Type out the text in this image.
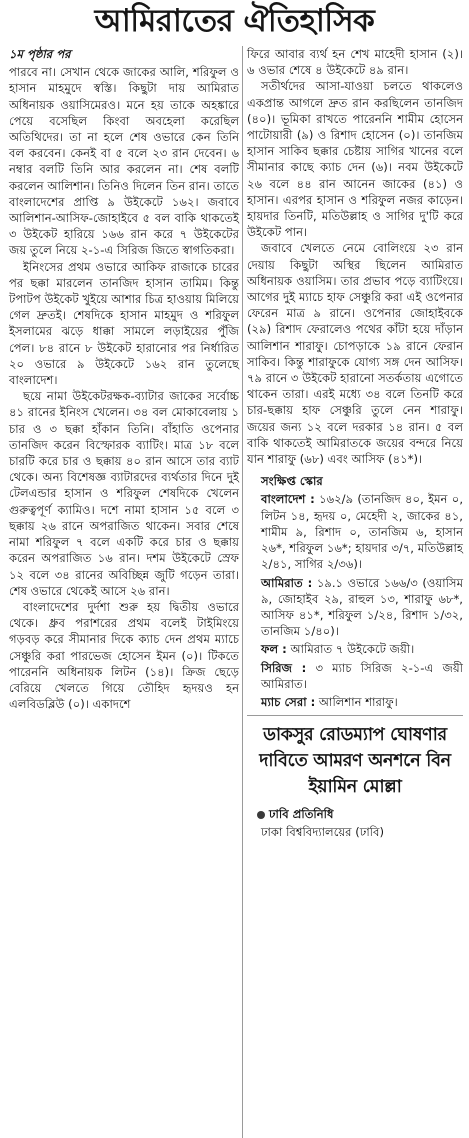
আমিরাতের ঐতিহাসিক
১ম পৃষ্ঠার পর

পারবে না। সেখান থেকে জাকের আলি, শরিফুল ও হাসান মাহমুদে স্বস্তি। কিছুটা দায় আমিরাত অধিনায়ক ওয়াসিমেরও। মনে হয় তাকে অহঙ্কারে পেয়ে বসেছিল কিংবা অবহেলা করেছিল অতিথিদের। তা না হলে শেষ ওভারে কেন তিনি বল করবেন। কেনই বা ৫ বলে ২৩ রান দেবেন। ৬ নম্বার বলটি তিনি আর করলেন না। শেষ বলটি করলেন আলিশান। তিনিও দিলেন তিন রান। তাতে বাংলাদেশের প্রাপ্তি ৯ উইকেটে ১৬২। জবাবে আলিশান-আসিফ-জোহাইবে ৫ বল বাকি থাকতেই ৩ উইকেট হারিয়ে ১৬৬ রান করে ৭ উইকেটের জয় তুলে নিয়ে ২-১-এ সিরিজ জিতে স্বাগতিকরা।

ইনিংসের প্রথম ওভারে আকিফ রাজাকে চারের পর ছক্কা মারলেন তানজিদ হাসান তামিম। কিন্তু টপাটপ উইকেট খুইয়ে আশার চিত্র হাওয়ায় মিলিয়ে গেল দ্রুতই। শেষদিকে হাসান মাহমুদ ও শরিফুল ইসলামের ঝড়ে ধাক্কা সামলে লড়াইয়ের পুঁজি পেল। ৮৪ রানে ৮ উইকেট হারানোর পর নির্ধারিত ২০ ওভারে ৯ উইকেটে ১৬২ রান তুলেছে বাংলাদেশ।

ছয়ে নামা উইকেটরক্ষক-ব্যাটার জাকের সর্বোচ্চ ৪১ রানের ইনিংস খেলেন। ৩৪ বল মোকাবেলায় ১ চার ও ৩ ছক্কা হাঁকান তিনি। বাঁহাতি ওপেনার তানজিদ করেন বিস্ফোরক ব্যাটিং। মাত্র ১৮ বলে চারটি করে চার ও ছক্কায় ৪০ রান আসে তার ব্যাট থেকে। অন্য বিশেষজ্ঞ ব্যাটারদের ব্যর্থতার দিনে দুই টেলএন্ডার হাসান ও শরিফুল শেষদিকে খেলেন গুরুত্বপূর্ণ ক্যামিও। দশে নামা হাসান ১৫ বলে ৩ ছক্কায় ২৬ রানে অপরাজিত থাকেন। সবার শেষে নামা শরিফুল ৭ বলে একটি করে চার ও ছক্কায় করেন অপরাজিত ১৬ রান। দশম উইকেটে স্রেফ ১২ বলে ৩৪ রানের অবিচ্ছিন্ন জুটি গড়েন তারা। শেষ ওভারে থেকেই আসে ২৬ রান।

বাংলাদেশের দুর্দশা শুরু হয় দ্বিতীয় ওভারে থেকে। ধ্রুব পরাশরের প্রথম বলেই টাইমিংয়ে গড়বড় করে সীমানার দিকে ক্যাচ দেন প্রথম ম্যাচে সেঞ্চুরি করা পারভেজ হোসেন ইমন (০)। টিকতে পারেননি অধিনায়ক লিটন (১৪)। ক্রিজ ছেড়ে বেরিয়ে খেলতে গিয়ে তৌহিদ হৃদয়ও হন এলবিডব্লিউ (০)। একাদশে

ফিরে আবার ব্যর্থ হন শেখ মাহেদী হাসান (২)। ৬ ওভার শেষে ৪ উইকেটে ৪৯ রান।

সতীর্থদের আসা-যাওয়া চলতে থাকলেও একপ্রান্ত আগলে দ্রুত রান করছিলেন তানজিদ (৪০)। ভূমিকা রাখতে পারেননি শামীম হোসেন পাটোয়ারী (৯) ও রিশাদ হোসেন (০)। তানজিম হাসান সাকিব ছক্কার চেষ্টায় সাগির খানের বলে সীমানার কাছে ক্যাচ দেন (৬)। নবম উইকেটে ২৬ বলে ৪৪ রান আনেন জাকের (৪১) ও হাসান। এরপর হাসান ও শরিফুল নজর কাড়েন। হায়দার তিনটি, মতিউল্লাহ ও সাগির দু'টি করে উইকেট পান।

জবাবে খেলতে নেমে বোলিংয়ে ২৩ রান দেয়ায় কিছুটা অস্থির ছিলেন আমিরাত অধিনায়ক ওয়াসিম। তার প্রভাব পড়ে ব্যাটিংয়ে। আগের দুই ম্যাচে হাফ সেঞ্চুরি করা এই ওপেনার ফেরেন মাত্র ৯ রানে। ওপেনার জোহাইবকে (২৯) রিশাদ ফেরালেও পথের কাঁটা হয়ে দাঁড়ান আলিশান শারাফু। চোপড়াকে ১৯ রানে ফেরান সাকিব। কিন্তু শারাফুকে যোগ্য সঙ্গ দেন আসিফ। ৭৯ রানে ৩ উইকেট হারানো সতর্কতায় এগোতে থাকেন তারা। এরই মধ্যে ৩৪ বলে তিনটি করে চার-ছক্কায় হাফ সেঞ্চুরি তুলে নেন শারাফু। জয়ের জন্য ১২ বলে দরকার ১৪ রান। ৫ বল বাকি থাকতেই আমিরাতকে জয়ের বন্দরে নিয়ে যান শারাফু (৬৮) এবং আসিফ (৪১*)।

সংক্ষিপ্ত স্কোর

বাংলাদেশ : ১৬২/৯ (তানজিদ ৪০, ইমন ০, লিটন ১৪, হৃদয় ০, মেহেদী ২, জাকের ৪১, শামীম ৯, রিশাদ ০, তানজিম ৬, হাসান ২৬*, শরিফুল ১৬*; হায়দার ৩/৭, মতিউল্লাহ ২/৪১, সাগির ২/৩৬)।

আমিরাত : ১৯.১ ওভারে ১৬৬/৩ (ওয়াসিম ৯, জোহাইব ২৯, রাহুল ১৩, শারাফু ৬৮*, আসিফ ৪১*, শরিফুল ১/২৪, রিশাদ ১/৩২, তানজিম ১/৪০)।

ফল : আমিরাত ৭ উইকেটে জয়ী।

সিরিজ : ৩ ম্যাচ সিরিজ ২-১-এ জয়ী আমিরাত।

ম্যাচ সেরা : আলিশান শারাফু।

ডাকসুর রোডম্যাপ ঘোষণার দাবিতে আমরণ অনশনে বিন ইয়ামিন মোল্লা
ঢাবি প্রতিনিধি

ঢাকা বিশ্ববিদ্যালয়ের (ঢাবি)
